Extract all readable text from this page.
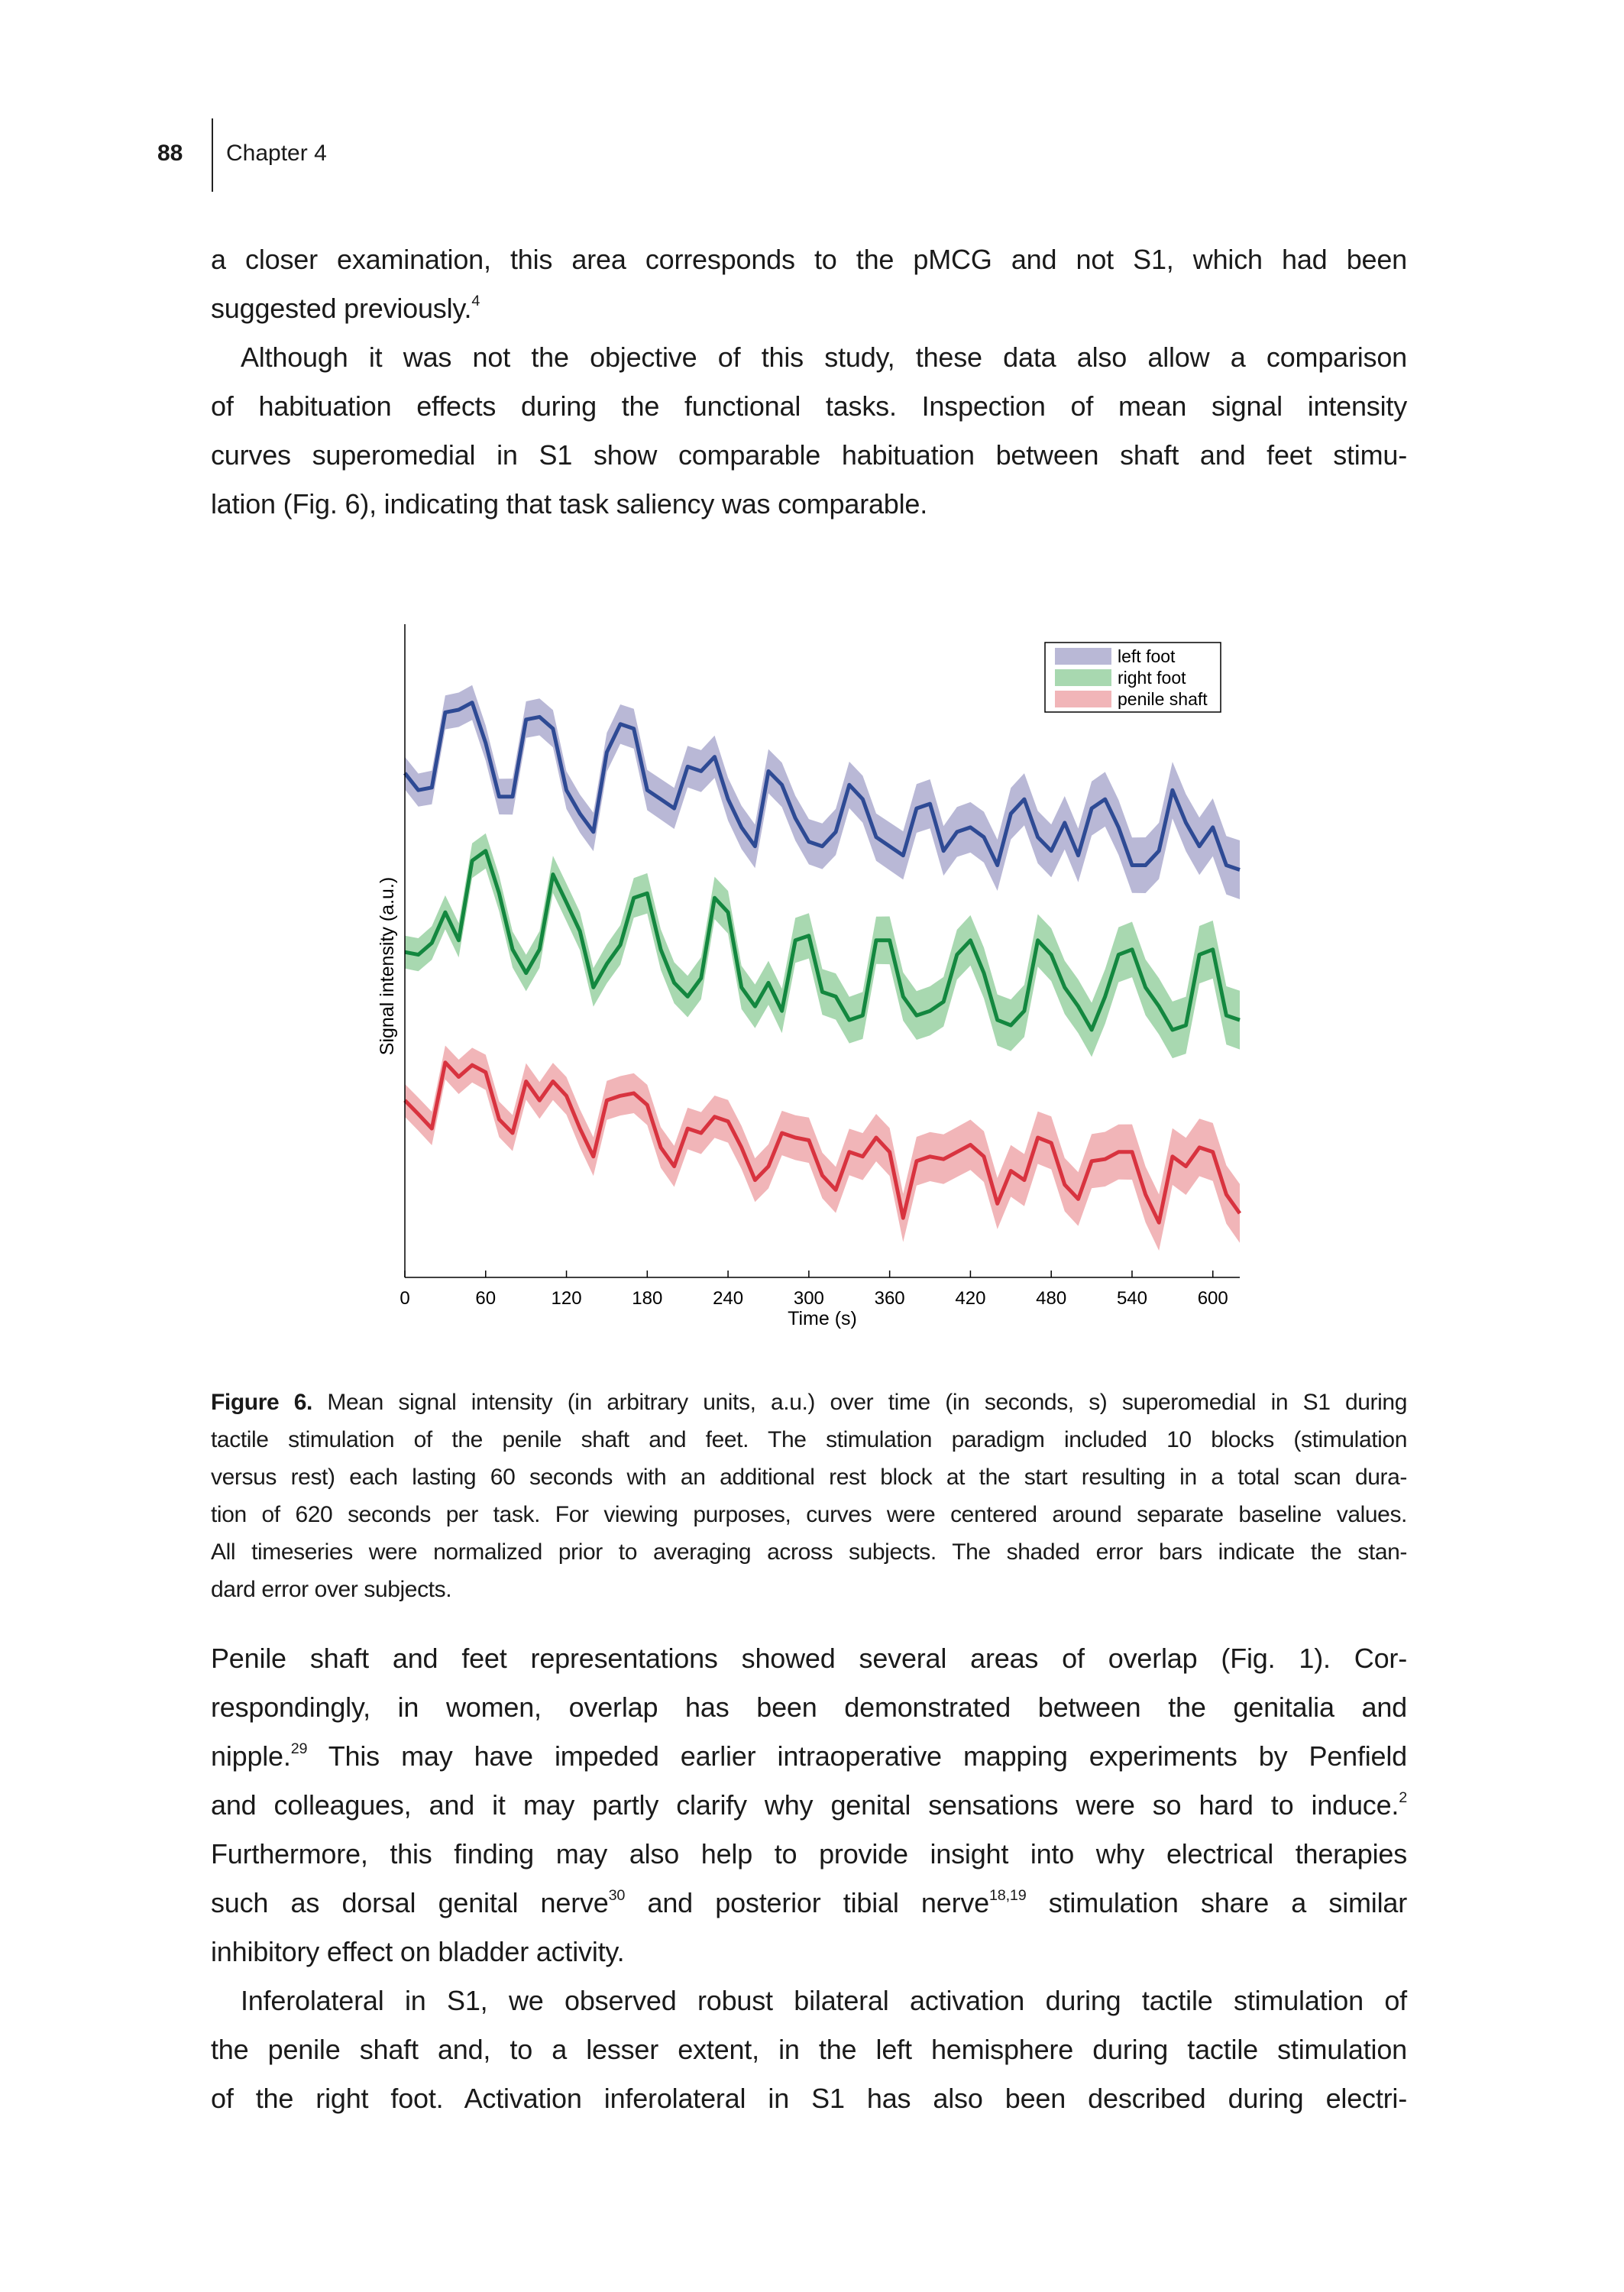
88 Chapter 4
a closer examination, this area corresponds to the pMCG and not S1, which had been
suggested previously.$^4$
Although it was not the objective of this study, these data also allow a comparison
of habituation effects during the functional tasks. Inspection of mean signal intensity
curves superomedial in S1 show comparable habituation between shaft and feet stimu-
lation (Fig. 6), indicating that task saliency was comparable.
0	60	120	180	240	300	360	420	480	540	600
Time (s)
Signal intensity (a.u.)
left foot
right foot
penile shaft
Figure 6. Mean signal intensity (in arbitrary units, a.u.) over time (in seconds, s) superomedial in S1 during
tactile stimulation of the penile shaft and feet. The stimulation paradigm included 10 blocks (stimulation
versus rest) each lasting 60 seconds with an additional rest block at the start resulting in a total scan dura-
tion of 620 seconds per task. For viewing purposes, curves were centered around separate baseline values.
All timeseries were normalized prior to averaging across subjects. The shaded error bars indicate the stan-
dard error over subjects.
Penile shaft and feet representations showed several areas of overlap (Fig. 1). Cor-
respondingly, in women, overlap has been demonstrated between the genitalia and
nipple.$^{29}$ This may have impeded earlier intraoperative mapping experiments by Penfield
and colleagues, and it may partly clarify why genital sensations were so hard to induce.$^2$
Furthermore, this finding may also help to provide insight into why electrical therapies
such as dorsal genital nerve$^{30}$ and posterior tibial nerve$^{18,19}$ stimulation share a similar
inhibitory effect on bladder activity.
Inferolateral in S1, we observed robust bilateral activation during tactile stimulation of
the penile shaft and, to a lesser extent, in the left hemisphere during tactile stimulation
of the right foot. Activation inferolateral in S1 has also been described during electri-
